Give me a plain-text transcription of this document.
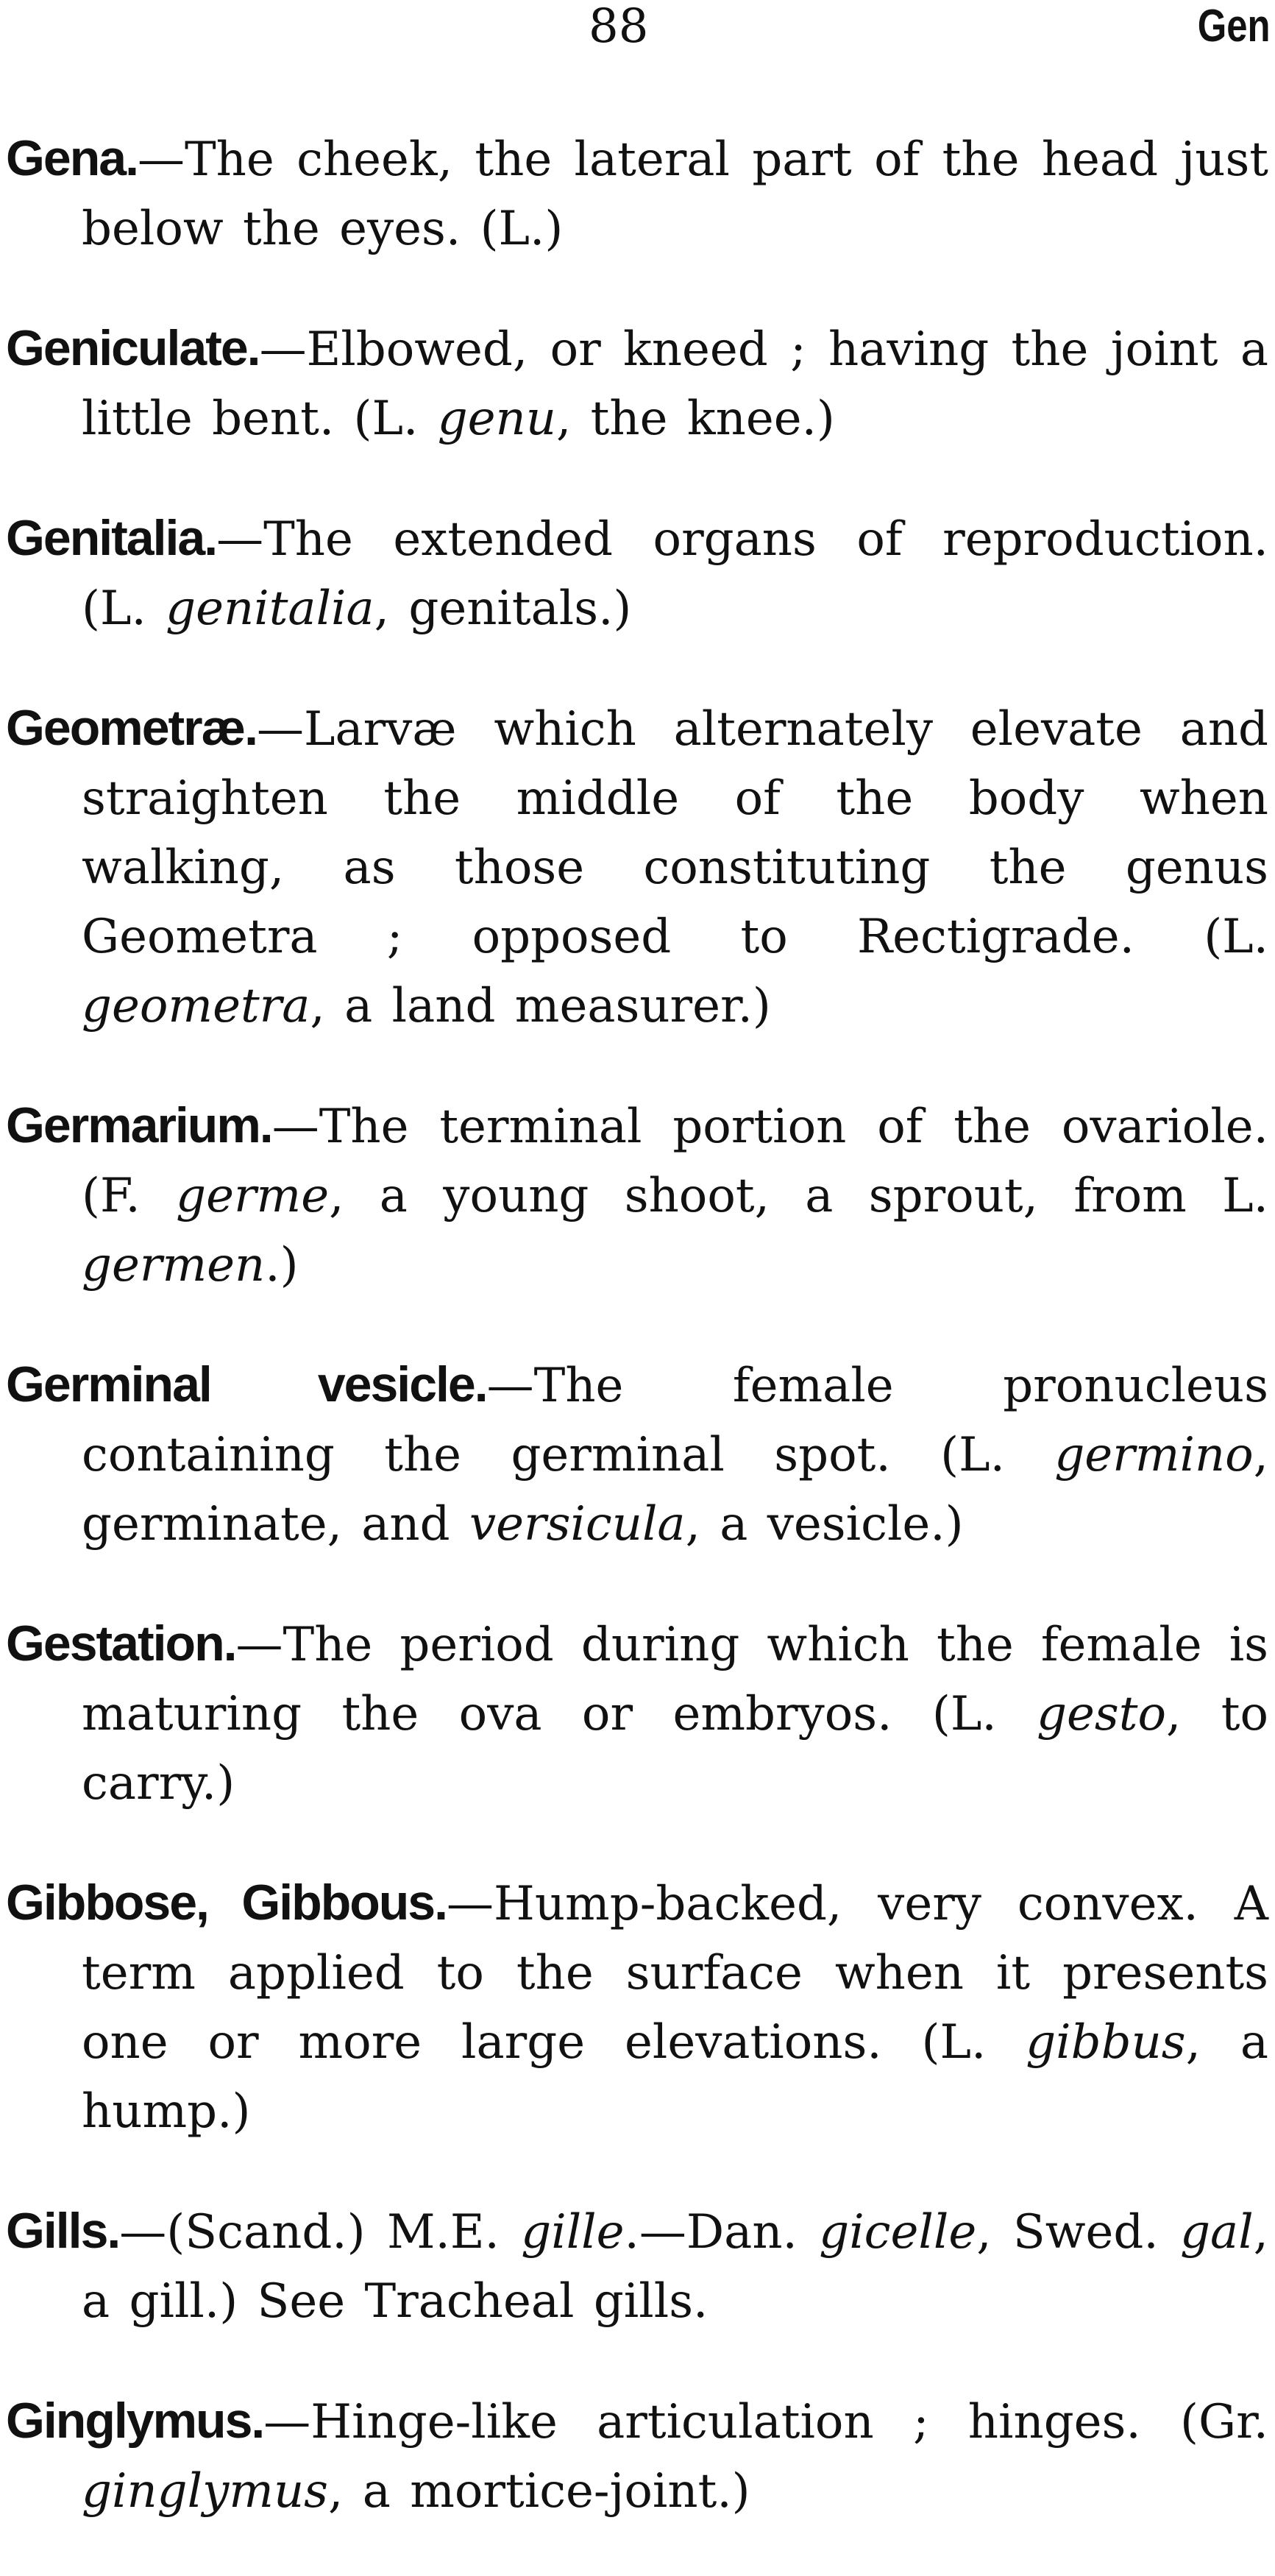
88	Gen

Gena.—The cheek, the lateral part of the head just below the eyes. (L.)

Geniculate.—Elbowed, or kneed ; having the joint a little bent. (L. genu, the knee.)

Genitalia.—The extended organs of reproduction. (L. genitalia, genitals.)

Geometræ.—Larvæ which alternately elevate and straighten the middle of the body when walking, as those constituting the genus Geometra ; opposed to Rectigrade. (L. geometra, a land measurer.)

Germarium.—The terminal portion of the ovariole. (F. germe, a young shoot, a sprout, from L. germen.)

Germinal vesicle.—The female pronucleus containing the germinal spot. (L. germino, germinate, and versicula, a vesicle.)

Gestation.—The period during which the female is maturing the ova or embryos. (L. gesto, to carry.)

Gibbose, Gibbous.—Hump-backed, very convex. A term applied to the surface when it presents one or more large elevations. (L. gibbus, a hump.)

Gills.—(Scand.) M.E. gille.—Dan. gicelle, Swed. gal, a gill.) See Tracheal gills.

Ginglymus.—Hinge-like articulation ; hinges. (Gr. ginglymus, a mortice-joint.)
